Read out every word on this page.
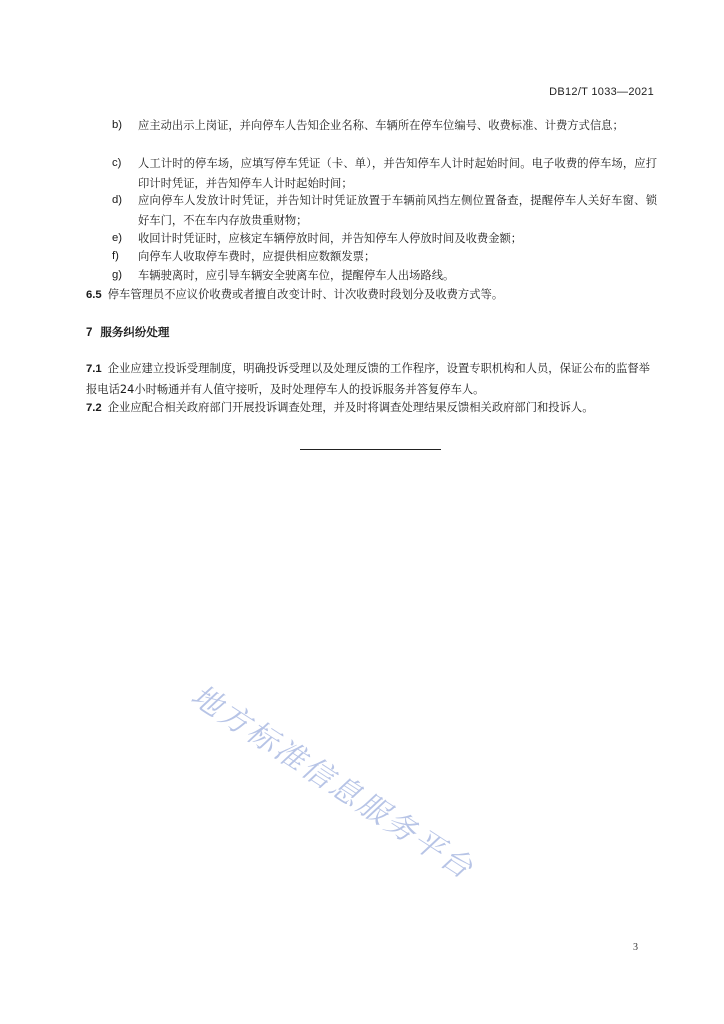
DB12/T 1033—2021
b) 应主动出示上岗证，并向停车人告知企业名称、车辆所在停车位编号、收费标准、计费方式信息；
c) 人工计时的停车场，应填写停车凭证（卡、单），并告知停车人计时起始时间。电子收费的停车场，应打印计时凭证，并告知停车人计时起始时间；
d) 应向停车人发放计时凭证，并告知计时凭证放置于车辆前风挡左侧位置备查，提醒停车人关好车窗、锁好车门，不在车内存放贵重财物；
e) 收回计时凭证时，应核定车辆停放时间，并告知停车人停放时间及收费金额；
f) 向停车人收取停车费时，应提供相应数额发票；
g) 车辆驶离时，应引导车辆安全驶离车位，提醒停车人出场路线。
6.5 停车管理员不应议价收费或者擅自改变计时、计次收费时段划分及收费方式等。
7 服务纠纷处理
7.1 企业应建立投诉受理制度，明确投诉受理以及处理反馈的工作程序，设置专职机构和人员，保证公布的监督举报电话24小时畅通并有人值守接听，及时处理停车人的投诉服务并答复停车人。
7.2 企业应配合相关政府部门开展投诉调查处理，并及时将调查处理结果反馈相关政府部门和投诉人。
地方标准信息服务平台
3
